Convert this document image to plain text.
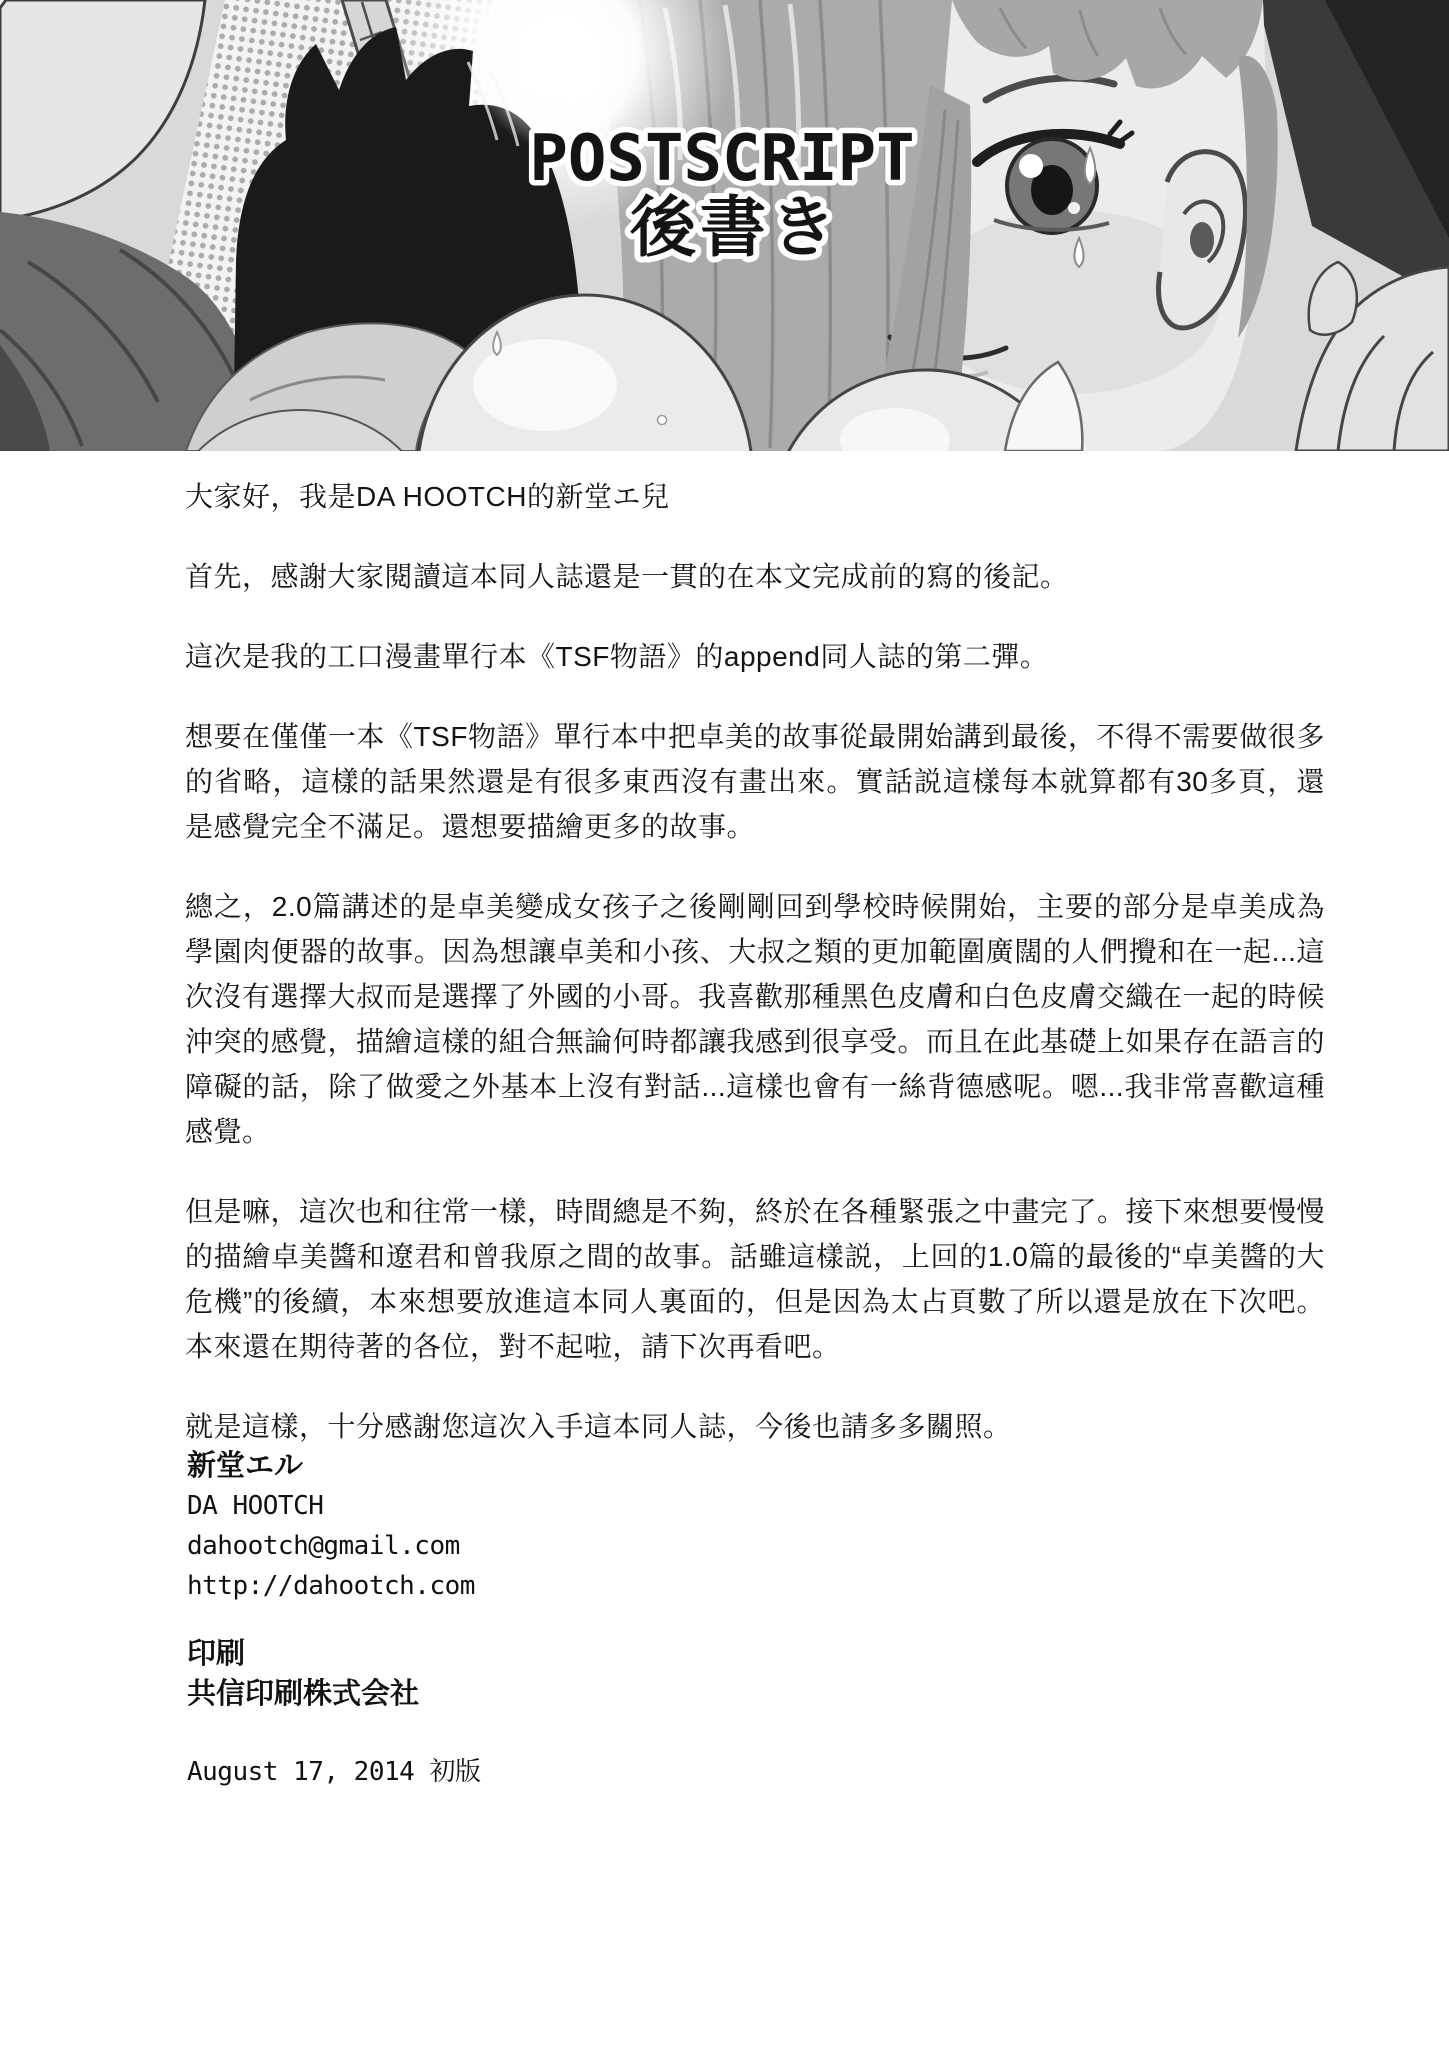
POSTSCRIPT
後書き

大家好，我是DA HOOTCH的新堂エ兒

首先，感謝大家閱讀這本同人誌還是一貫的在本文完成前的寫的後記。

這次是我的工口漫畫單行本《TSF物語》的append同人誌的第二彈。

想要在僅僅一本《TSF物語》單行本中把卓美的故事從最開始講到最後，不得不需要做很多的省略，這樣的話果然還是有很多東西沒有畫出來。實話説這樣每本就算都有30多頁，還是感覺完全不滿足。還想要描繪更多的故事。

總之，2.0篇講述的是卓美變成女孩子之後剛剛回到學校時候開始，主要的部分是卓美成為學園肉便器的故事。因為想讓卓美和小孩、大叔之類的更加範圍廣闊的人們攪和在一起...這次沒有選擇大叔而是選擇了外國的小哥。我喜歡那種黑色皮膚和白色皮膚交織在一起的時候沖突的感覺，描繪這樣的組合無論何時都讓我感到很享受。而且在此基礎上如果存在語言的障礙的話，除了做愛之外基本上沒有對話...這樣也會有一絲背德感呢。嗯...我非常喜歡這種感覺。

但是嘛，這次也和往常一樣，時間總是不夠，終於在各種緊張之中畫完了。接下來想要慢慢的描繪卓美醬和遼君和曾我原之間的故事。話雖這樣説，上回的1.0篇的最後的“卓美醬的大危機”的後續，本來想要放進這本同人裏面的，但是因為太占頁數了所以還是放在下次吧。本來還在期待著的各位，對不起啦，請下次再看吧。

就是這樣，十分感謝您這次入手這本同人誌，今後也請多多關照。

新堂エル
DA HOOTCH
dahootch@gmail.com
http://dahootch.com
印刷
共信印刷株式会社
August 17, 2014 初版
